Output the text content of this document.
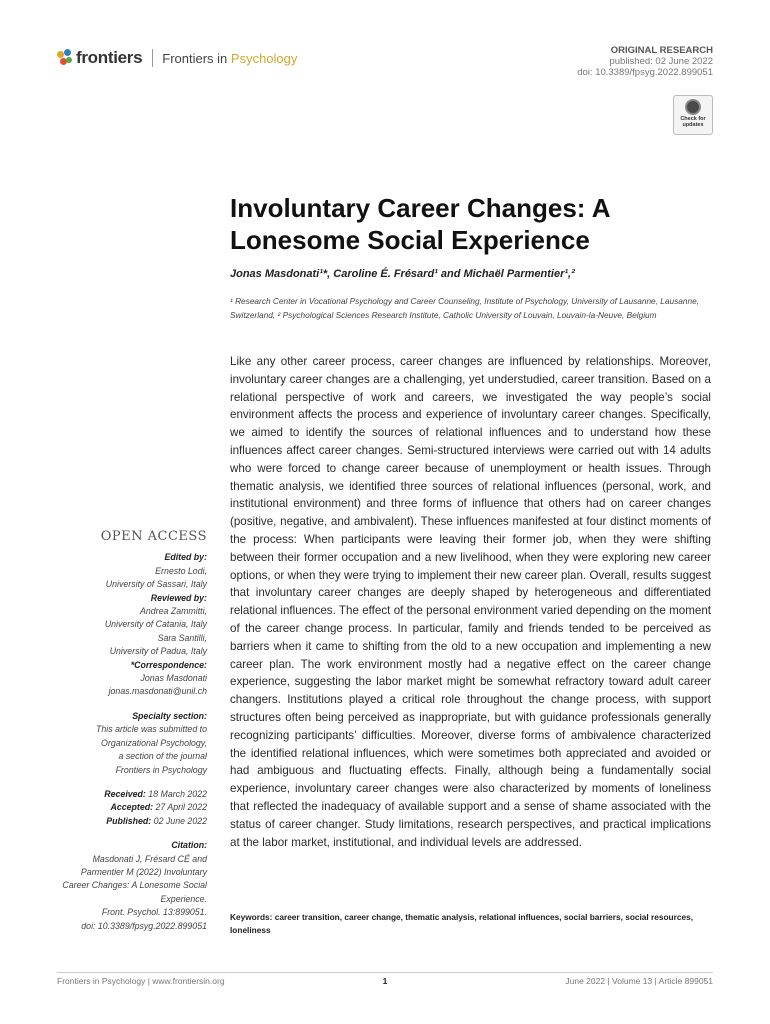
frontiers Frontiers in Psychology	ORIGINAL RESEARCH
published: 02 June 2022
doi: 10.3389/fpsyg.2022.899051
Check for
updates
Involuntary Career Changes: A Lonesome Social Experience
Jonas Masdonati¹*, Caroline É. Frésard¹ and Michaël Parmentier¹,²
¹ Research Center in Vocational Psychology and Career Counseling, Institute of Psychology, University of Lausanne, Lausanne, Switzerland, ² Psychological Sciences Research Institute, Catholic University of Louvain, Louvain-la-Neuve, Belgium

Like any other career process, career changes are influenced by relationships. Moreover, involuntary career changes are a challenging, yet understudied, career transition. Based on a relational perspective of work and careers, we investigated the way people’s social environment affects the process and experience of involuntary career changes. Specifically, we aimed to identify the sources of relational influences and to understand how these influences affect career changes. Semi-structured interviews were carried out with 14 adults who were forced to change career because of unemployment or health issues. Through thematic analysis, we identified three sources of relational influences (personal, work, and institutional environment) and three forms of influence that others had on career changes (positive, negative, and ambivalent). These influences manifested at four distinct moments of the process: When participants were leaving their former job, when they were shifting between their former occupation and a new livelihood, when they were exploring new career options, or when they were trying to implement their new career plan. Overall, results suggest that involuntary career changes are deeply shaped by heterogeneous and differentiated relational influences. The effect of the personal environment varied depending on the moment of the career change process. In particular, family and friends tended to be perceived as barriers when it came to shifting from the old to a new occupation and implementing a new career plan. The work environment mostly had a negative effect on the career change experience, suggesting the labor market might be somewhat refractory toward adult career changers. Institutions played a critical role throughout the change process, with support structures often being perceived as inappropriate, but with guidance professionals generally recognizing participants’ difficulties. Moreover, diverse forms of ambivalence characterized the identified relational influences, which were sometimes both appreciated and avoided or had ambiguous and fluctuating effects. Finally, although being a fundamentally social experience, involuntary career changes were also characterized by moments of loneliness that reflected the inadequacy of available support and a sense of shame associated with the status of career changer. Study limitations, research perspectives, and practical implications at the labor market, institutional, and individual levels are addressed.

Keywords: career transition, career change, thematic analysis, relational influences, social barriers, social resources, loneliness
OPEN ACCESS
Edited by:
Ernesto Lodi,
University of Sassari, Italy
Reviewed by:
Andrea Zammitti,
University of Catania, Italy
Sara Santilli,
University of Padua, Italy
*Correspondence:
Jonas Masdonati
jonas.masdonati@unil.ch
Specialty section:
This article was submitted to
Organizational Psychology,
a section of the journal
Frontiers in Psychology
Received: 18 March 2022
Accepted: 27 April 2022
Published: 02 June 2022
Citation:
Masdonati J, Frésard CÉ and
Parmentier M (2022) Involuntary
Career Changes: A Lonesome Social
Experience.
Front. Psychol. 13:899051.
doi: 10.3389/fpsyg.2022.899051
Frontiers in Psychology | www.frontiersin.org	1	June 2022 | Volume 13 | Article 899051
